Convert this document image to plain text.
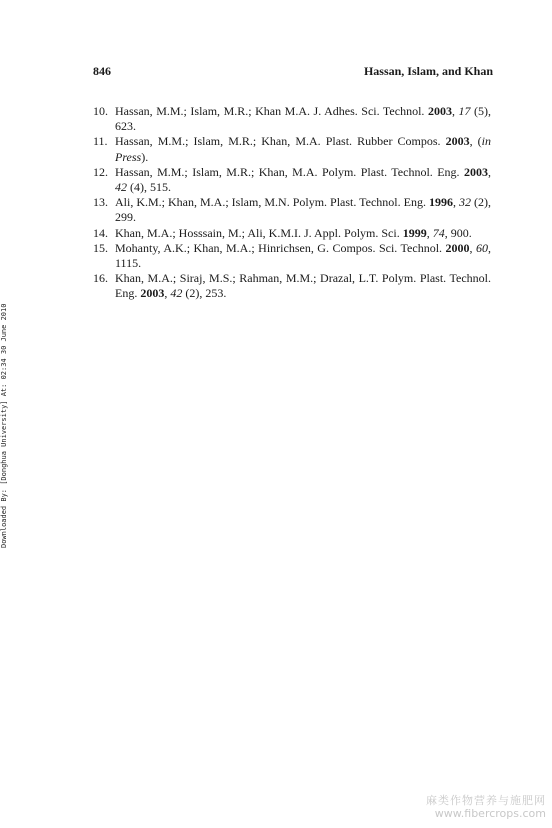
846	Hassan, Islam, and Khan

10. Hassan, M.M.; Islam, M.R.; Khan M.A. J. Adhes. Sci. Technol. 2003, 17 (5), 623.

11. Hassan, M.M.; Islam, M.R.; Khan, M.A. Plast. Rubber Compos. 2003, (in Press).

12. Hassan, M.M.; Islam, M.R.; Khan, M.A. Polym. Plast. Technol. Eng. 2003, 42 (4), 515.

13. Ali, K.M.; Khan, M.A.; Islam, M.N. Polym. Plast. Technol. Eng. 1996, 32 (2), 299.

14. Khan, M.A.; Hosssain, M.; Ali, K.M.I. J. Appl. Polym. Sci. 1999, 74, 900.

15. Mohanty, A.K.; Khan, M.A.; Hinrichsen, G. Compos. Sci. Technol. 2000, 60, 1115.

16. Khan, M.A.; Siraj, M.S.; Rahman, M.M.; Drazal, L.T. Polym. Plast. Technol. Eng. 2003, 42 (2), 253.

Downloaded By: [Donghua University] At: 02:34 30 June 2010
麻类作物营养与施肥网
www.fibercrops.com
